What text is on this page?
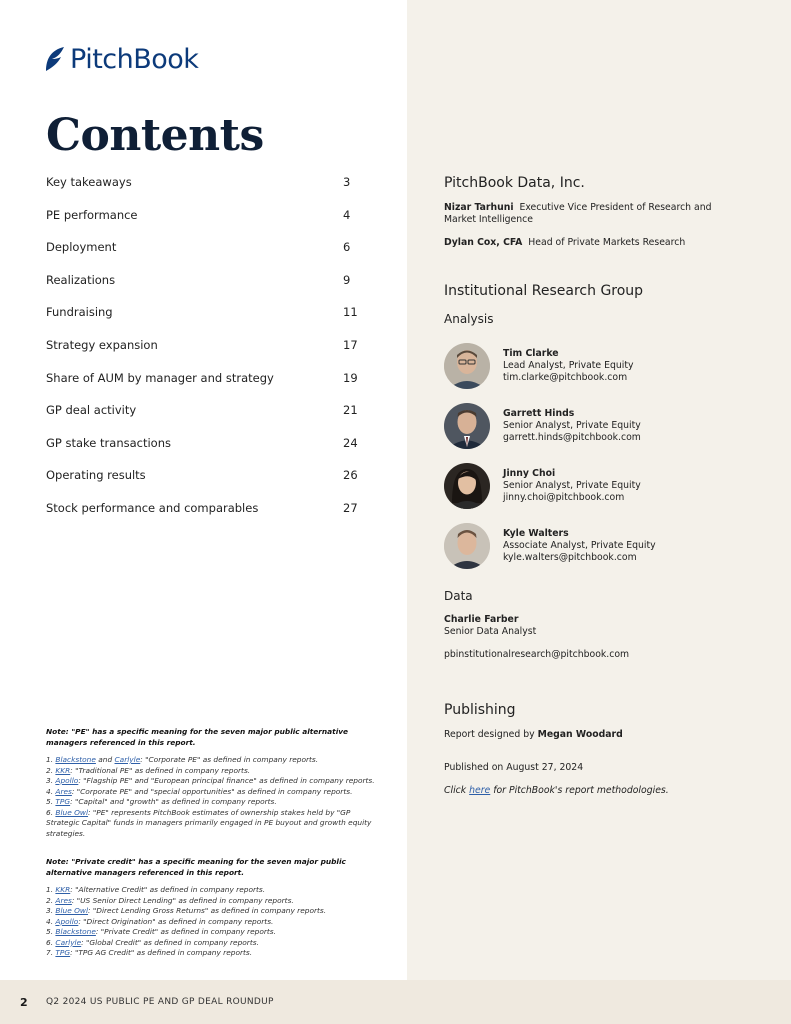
PitchBook
Contents
Key takeaways	3
PE performance	4
Deployment	6
Realizations	9
Fundraising	11
Strategy expansion	17
Share of AUM by manager and strategy	19
GP deal activity	21
GP stake transactions	24
Operating results	26
Stock performance and comparables	27
Note: "PE" has a specific meaning for the seven major public alternative managers referenced in this report.
1. Blackstone and Carlyle: "Corporate PE" as defined in company reports.
2. KKR: "Traditional PE" as defined in company reports.
3. Apollo: "Flagship PE" and "European principal finance" as defined in company reports.
4. Ares: "Corporate PE" and "special opportunities" as defined in company reports.
5. TPG: "Capital" and "growth" as defined in company reports.
6. Blue Owl: "PE" represents PitchBook estimates of ownership stakes held by "GP Strategic Capital" funds in managers primarily engaged in PE buyout and growth equity strategies.
Note: "Private credit" has a specific meaning for the seven major public alternative managers referenced in this report.
1. KKR: "Alternative Credit" as defined in company reports.
2. Ares: "US Senior Direct Lending" as defined in company reports.
3. Blue Owl: "Direct Lending Gross Returns" as defined in company reports.
4. Apollo: "Direct Origination" as defined in company reports.
5. Blackstone: "Private Credit" as defined in company reports.
6. Carlyle: "Global Credit" as defined in company reports.
7. TPG: "TPG AG Credit" as defined in company reports.
PitchBook Data, Inc.
Nizar Tarhuni Executive Vice President of Research and Market Intelligence
Dylan Cox, CFA Head of Private Markets Research
Institutional Research Group
Analysis
Tim Clarke
Lead Analyst, Private Equity
tim.clarke@pitchbook.com
Garrett Hinds
Senior Analyst, Private Equity
garrett.hinds@pitchbook.com
Jinny Choi
Senior Analyst, Private Equity
jinny.choi@pitchbook.com
Kyle Walters
Associate Analyst, Private Equity
kyle.walters@pitchbook.com
Data
Charlie Farber
Senior Data Analyst
pbinstitutionalresearch@pitchbook.com
Publishing
Report designed by Megan Woodard
Published on August 27, 2024
Click here for PitchBook's report methodologies.
2 Q2 2024 US PUBLIC PE AND GP DEAL ROUNDUP
